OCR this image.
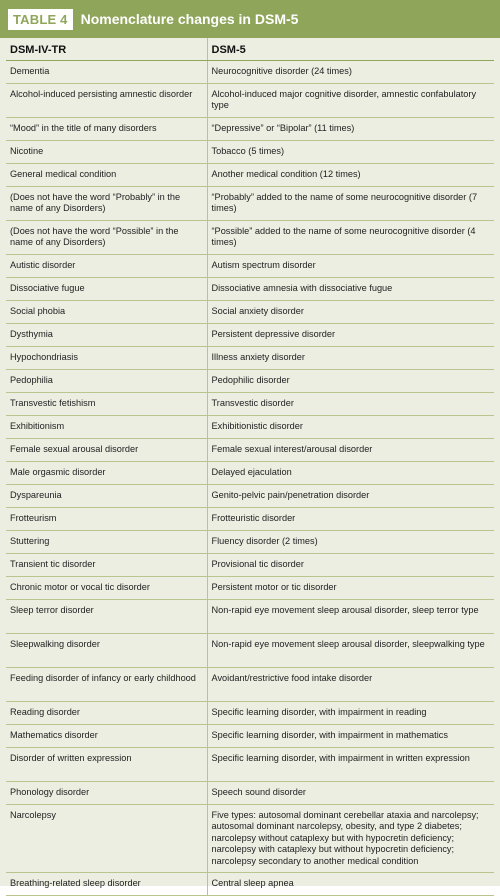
TABLE 4 Nomenclature changes in DSM-5
DSM-IV-TR	DSM-5
Dementia	Neurocognitive disorder (24 times)
Alcohol-induced persisting amnestic disorder	Alcohol-induced major cognitive disorder, amnestic confabulatory type
“Mood” in the title of many disorders	“Depressive” or “Bipolar” (11 times)
Nicotine	Tobacco (5 times)
General medical condition	Another medical condition (12 times)
(Does not have the word “Probably” in the name of any Disorders)	“Probably” added to the name of some neurocognitive disorder (7 times)
(Does not have the word “Possible” in the name of any Disorders)	“Possible” added to the name of some neurocognitive disorder (4 times)
Autistic disorder	Autism spectrum disorder
Dissociative fugue	Dissociative amnesia with dissociative fugue
Social phobia	Social anxiety disorder
Dysthymia	Persistent depressive disorder
Hypochondriasis	Illness anxiety disorder
Pedophilia	Pedophilic disorder
Transvestic fetishism	Transvestic disorder
Exhibitionism	Exhibitionistic disorder
Female sexual arousal disorder	Female sexual interest/arousal disorder
Male orgasmic disorder	Delayed ejaculation
Dyspareunia	Genito-pelvic pain/penetration disorder
Frotteurism	Frotteuristic disorder
Stuttering	Fluency disorder (2 times)
Transient tic disorder	Provisional tic disorder
Chronic motor or vocal tic disorder	Persistent motor or tic disorder
Sleep terror disorder	Non-rapid eye movement sleep arousal disorder, sleep terror type
Sleepwalking disorder	Non-rapid eye movement sleep arousal disorder, sleepwalking type
Feeding disorder of infancy or early childhood	Avoidant/restrictive food intake disorder
Reading disorder	Specific learning disorder, with impairment in reading
Mathematics disorder	Specific learning disorder, with impairment in mathematics
Disorder of written expression	Specific learning disorder, with impairment in written expression
Phonology disorder	Speech sound disorder
Narcolepsy	Five types: autosomal dominant cerebellar ataxia and narcolepsy; autosomal dominant narcolepsy, obesity, and type 2 diabetes; narcolepsy without cataplexy but with hypocretin deficiency; narcolepsy with cataplexy but without hypocretin deficiency; narcolepsy secondary to another medical condition
Breathing-related sleep disorder	Central sleep apnea
